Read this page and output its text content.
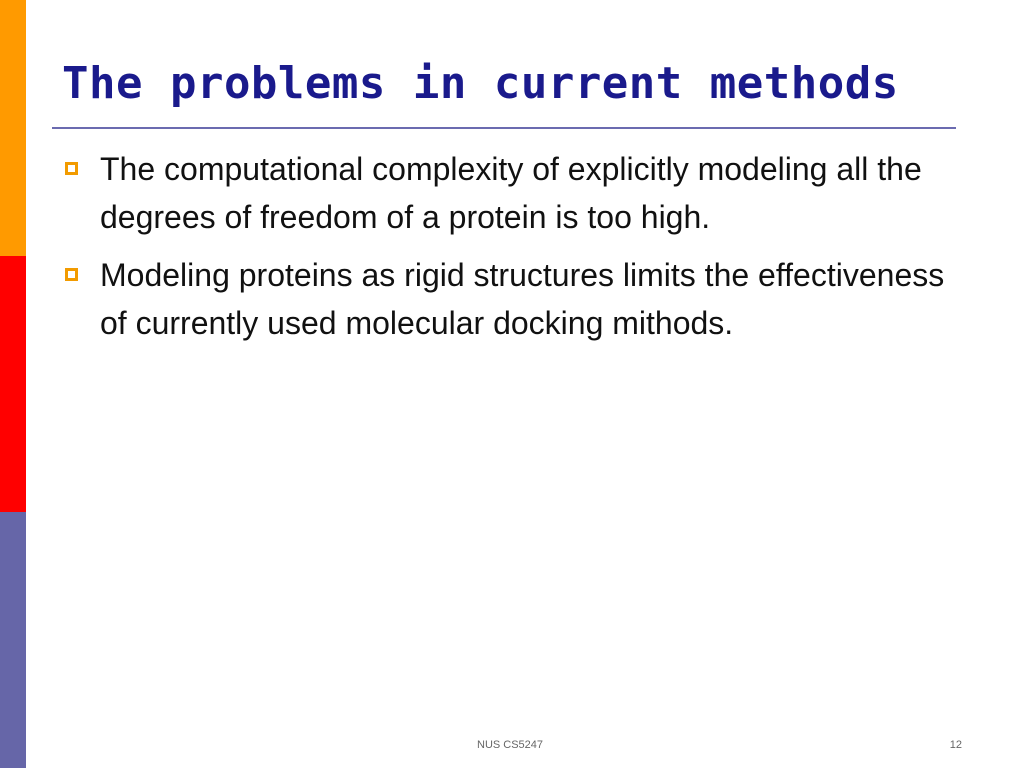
The problems in current methods
The computational complexity of explicitly modeling all the degrees of freedom of a protein is too high.
Modeling proteins as rigid structures limits the effectiveness of currently used molecular docking mithods.
NUS CS5247	12
